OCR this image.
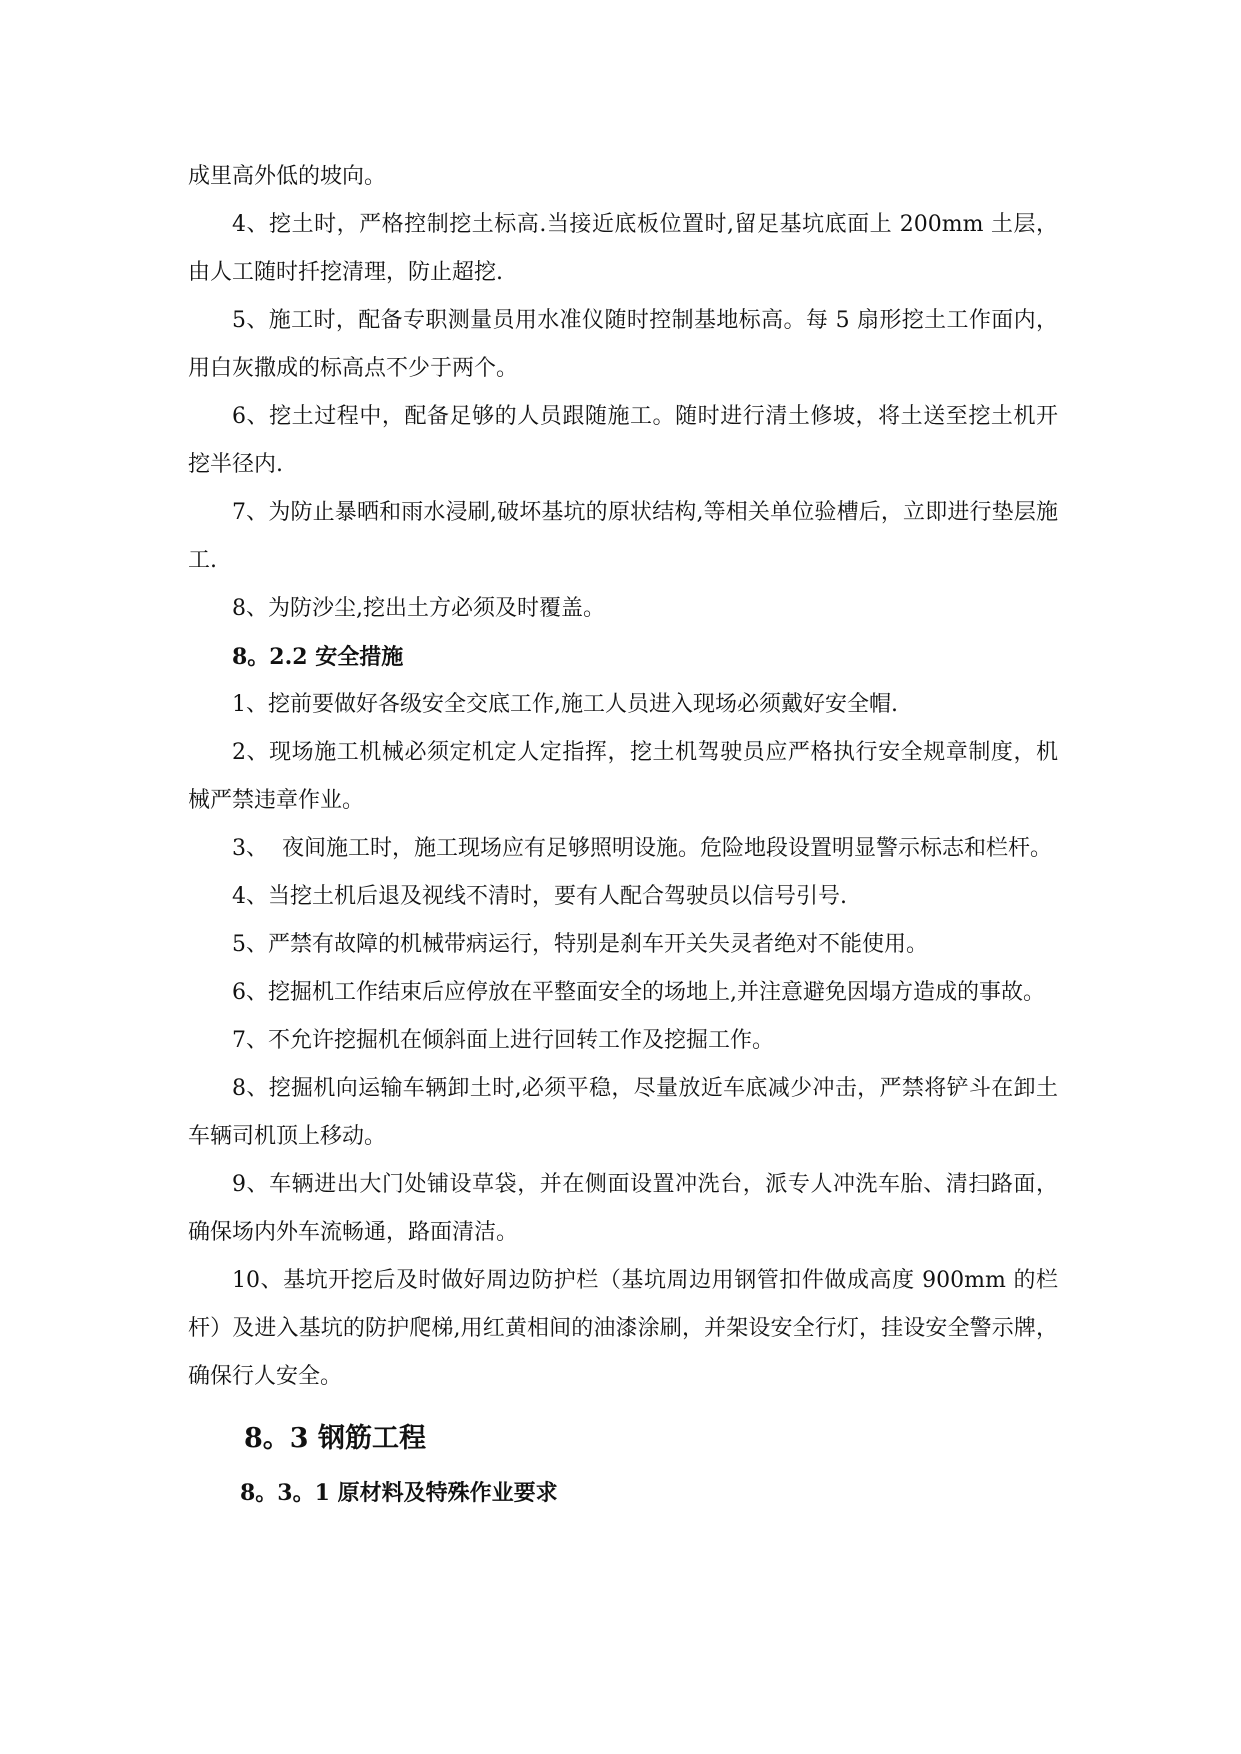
成里高外低的坡向。

4、挖土时，严格控制挖土标高.当接近底板位置时,留足基坑底面上 200mm 土层，由人工随时扦挖清理，防止超挖.

5、施工时，配备专职测量员用水准仪随时控制基地标高。每 5 扇形挖土工作面内，用白灰撒成的标高点不少于两个。

6、挖土过程中，配备足够的人员跟随施工。随时进行清土修坡，将土送至挖土机开挖半径内.

7、为防止暴晒和雨水浸刷,破坏基坑的原状结构,等相关单位验槽后，立即进行垫层施工.

8、为防沙尘,挖出土方必须及时覆盖。

8。2.2 安全措施

1、挖前要做好各级安全交底工作,施工人员进入现场必须戴好安全帽.

2、现场施工机械必须定机定人定指挥，挖土机驾驶员应严格执行安全规章制度，机械严禁违章作业。

3、  夜间施工时，施工现场应有足够照明设施。危险地段设置明显警示标志和栏杆。

4、当挖土机后退及视线不清时，要有人配合驾驶员以信号引号.

5、严禁有故障的机械带病运行，特别是刹车开关失灵者绝对不能使用。

6、挖掘机工作结束后应停放在平整面安全的场地上,并注意避免因塌方造成的事故。

7、不允许挖掘机在倾斜面上进行回转工作及挖掘工作。

8、挖掘机向运输车辆卸土时,必须平稳，尽量放近车底减少冲击，严禁将铲斗在卸土车辆司机顶上移动。

9、车辆进出大门处铺设草袋，并在侧面设置冲洗台，派专人冲洗车胎、清扫路面，确保场内外车流畅通，路面清洁。

10、基坑开挖后及时做好周边防护栏（基坑周边用钢管扣件做成高度 900mm 的栏杆）及进入基坑的防护爬梯,用红黄相间的油漆涂刷，并架设安全行灯，挂设安全警示牌，确保行人安全。

8。3 钢筋工程
8。3。1 原材料及特殊作业要求
